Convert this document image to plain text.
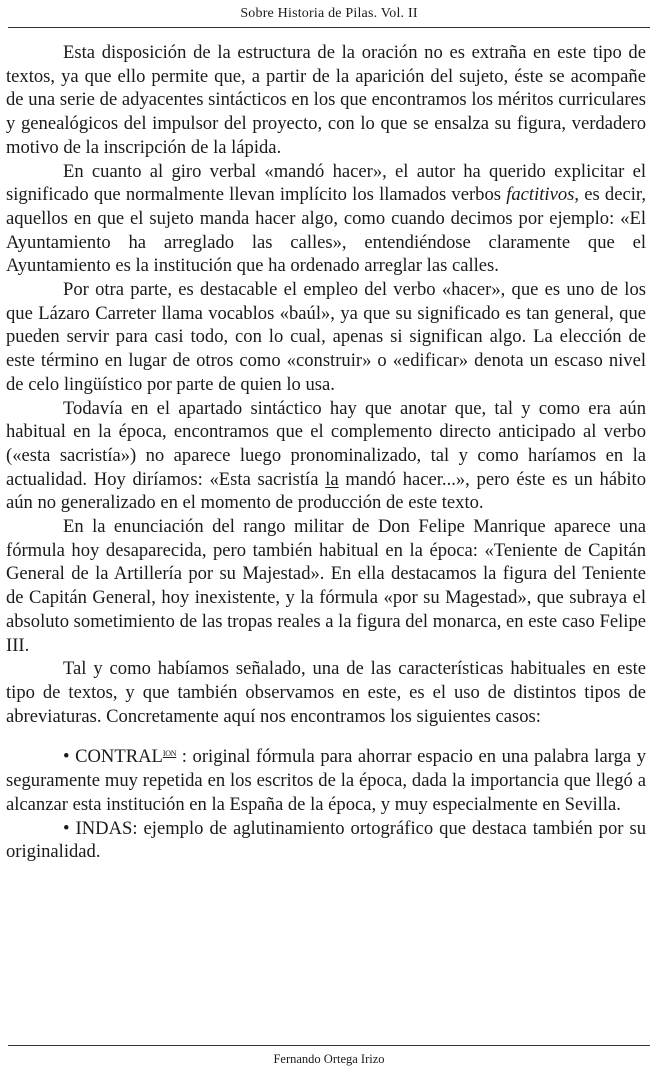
Sobre Historia de Pilas. Vol. II

Esta disposición de la estructura de la oración no es extraña en este tipo de textos, ya que ello permite que, a partir de la aparición del sujeto, éste se acompañe de una serie de adyacentes sintácticos en los que encontramos los méritos curriculares y genealógicos del impulsor del proyecto, con lo que se ensalza su figura, verdadero motivo de la inscripción de la lápida.

En cuanto al giro verbal «mandó hacer», el autor ha querido explicitar el significado que normalmente llevan implícito los llamados verbos factitivos, es decir, aquellos en que el sujeto manda hacer algo, como cuando decimos por ejemplo: «El Ayuntamiento ha arreglado las calles», entendiéndose claramente que el Ayuntamiento es la institución que ha ordenado arreglar las calles.

Por otra parte, es destacable el empleo del verbo «hacer», que es uno de los que Lázaro Carreter llama vocablos «baúl», ya que su significado es tan general, que pueden servir para casi todo, con lo cual, apenas si significan algo. La elección de este término en lugar de otros como «construir» o «edificar» denota un escaso nivel de celo lingüístico por parte de quien lo usa.

Todavía en el apartado sintáctico hay que anotar que, tal y como era aún habitual en la época, encontramos que el complemento directo anticipado al verbo («esta sacristía») no aparece luego pronominalizado, tal y como haríamos en la actualidad. Hoy diríamos: «Esta sacristía la mandó hacer...», pero éste es un hábito aún no generalizado en el momento de producción de este texto.

En la enunciación del rango militar de Don Felipe Manrique aparece una fórmula hoy desaparecida, pero también habitual en la época: «Teniente de Capitán General de la Artillería por su Majestad». En ella destacamos la figura del Teniente de Capitán General, hoy inexistente, y la fórmula «por su Magestad», que subraya el absoluto sometimiento de las tropas reales a la figura del monarca, en este caso Felipe III.

Tal y como habíamos señalado, una de las características habituales en este tipo de textos, y que también observamos en este, es el uso de distintos tipos de abreviaturas. Concretamente aquí nos encontramos los siguientes casos:

• $CONTRAL^{ION}$ : original fórmula para ahorrar espacio en una palabra larga y seguramente muy repetida en los escritos de la época, dada la importancia que llegó a alcanzar esta institución en la España de la época, y muy especialmente en Sevilla.

• INDAS: ejemplo de aglutinamiento ortográfico que destaca también por su originalidad.

Fernando Ortega Irizo
